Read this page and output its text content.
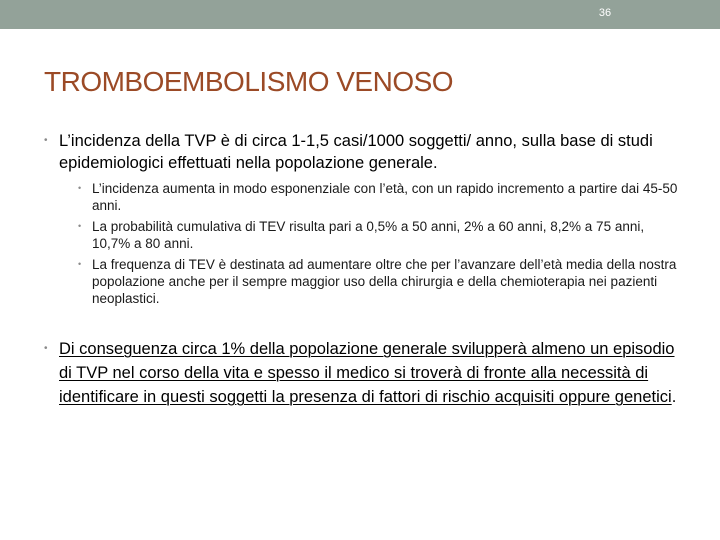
36
TROMBOEMBOLISMO VENOSO
• L’incidenza della TVP è di circa 1-1,5 casi/1000 soggetti/ anno, sulla base di studi epidemiologici effettuati nella popolazione generale.
• L’incidenza aumenta in modo esponenziale con l’età, con un rapido incremento a partire dai 45-50 anni.
• La probabilità cumulativa di TEV risulta pari a 0,5% a 50 anni, 2% a 60 anni, 8,2% a 75 anni, 10,7% a 80 anni.
• La frequenza di TEV è destinata ad aumentare oltre che per l’avanzare dell’età media della nostra popolazione anche per il sempre maggior uso della chirurgia e della chemioterapia nei pazienti neoplastici.
• Di conseguenza circa 1% della popolazione generale svilupperà almeno un episodio di TVP nel corso della vita e spesso il medico si troverà di fronte alla necessità di identificare in questi soggetti la presenza di fattori di rischio acquisiti oppure genetici.
